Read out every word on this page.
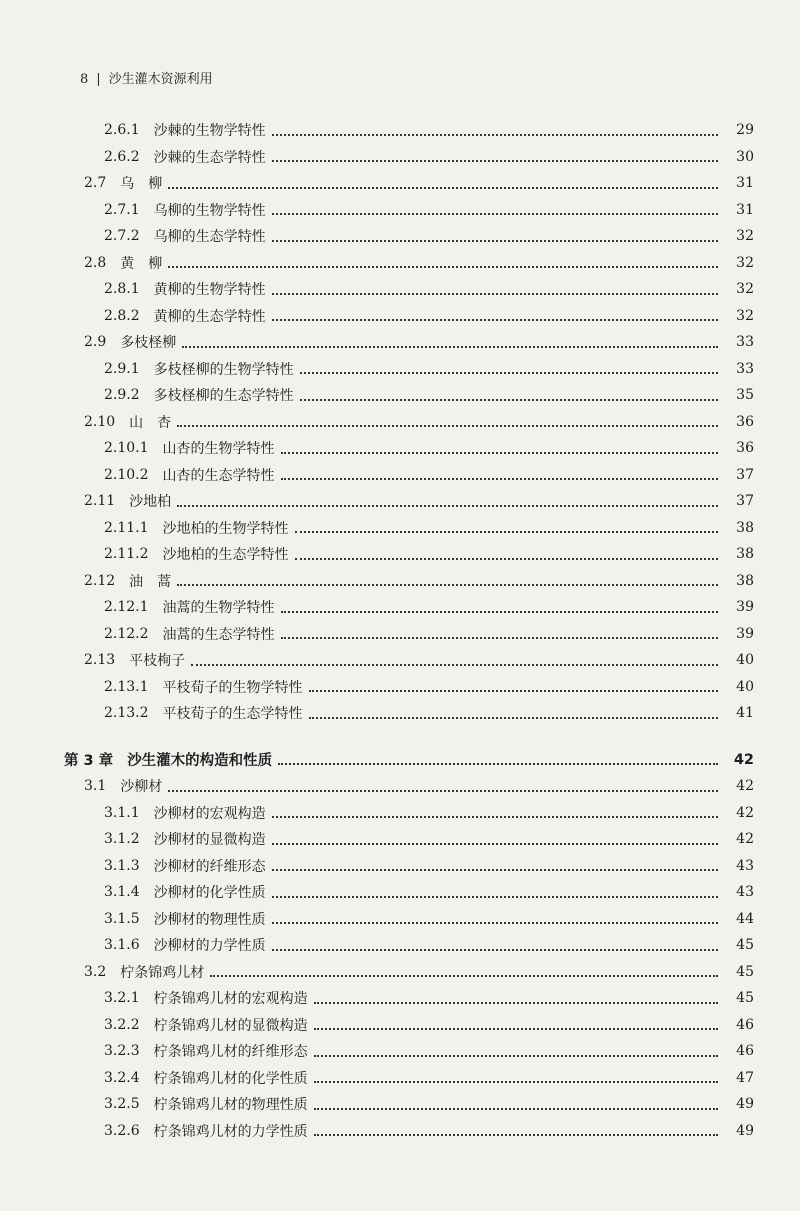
8 | 沙生灌木资源利用
2.6.1 沙棘的生物学特性	29
2.6.2 沙棘的生态学特性	30
2.7 乌　柳	31
2.7.1 乌柳的生物学特性	31
2.7.2 乌柳的生态学特性	32
2.8 黄　柳	32
2.8.1 黄柳的生物学特性	32
2.8.2 黄柳的生态学特性	32
2.9 多枝柽柳	33
2.9.1 多枝柽柳的生物学特性	33
2.9.2 多枝柽柳的生态学特性	35
2.10 山　杏	36
2.10.1 山杏的生物学特性	36
2.10.2 山杏的生态学特性	37
2.11 沙地柏	37
2.11.1 沙地柏的生物学特性	38
2.11.2 沙地柏的生态学特性	38
2.12 油　蒿	38
2.12.1 油蒿的生物学特性	39
2.12.2 油蒿的生态学特性	39
2.13 平枝栒子	40
2.13.1 平枝荀子的生物学特性	40
2.13.2 平枝荀子的生态学特性	41
第 3 章 沙生灌木的构造和性质	42
3.1 沙柳材	42
3.1.1 沙柳材的宏观构造	42
3.1.2 沙柳材的显微构造	42
3.1.3 沙柳材的纤维形态	43
3.1.4 沙柳材的化学性质	43
3.1.5 沙柳材的物理性质	44
3.1.6 沙柳材的力学性质	45
3.2 柠条锦鸡儿材	45
3.2.1 柠条锦鸡儿材的宏观构造	45
3.2.2 柠条锦鸡儿材的显微构造	46
3.2.3 柠条锦鸡儿材的纤维形态	46
3.2.4 柠条锦鸡儿材的化学性质	47
3.2.5 柠条锦鸡儿材的物理性质	49
3.2.6 柠条锦鸡儿材的力学性质	49
